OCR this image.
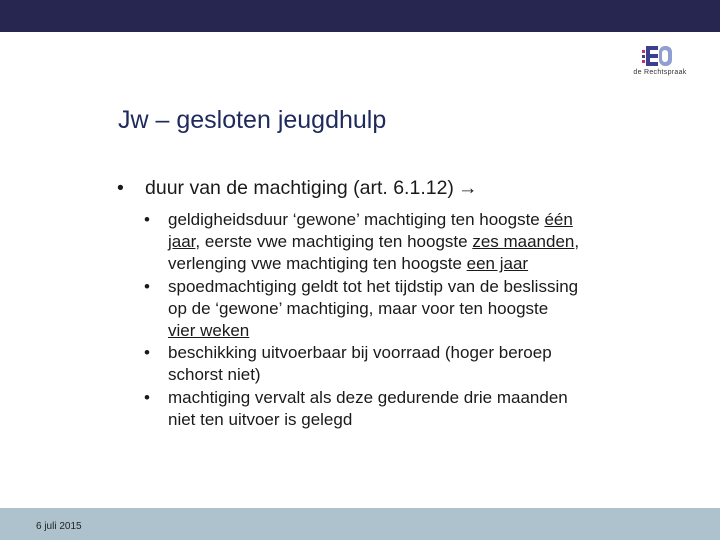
de Rechtspraak
Jw – gesloten jeugdhulp
• duur van de machtiging (art. 6.1.12) →
• geldigheidsduur ‘gewone’ machtiging ten hoogste één jaar, eerste vwe machtiging ten hoogste zes maanden, verlenging vwe machtiging ten hoogste een jaar
• spoedmachtiging geldt tot het tijdstip van de beslissing op de ‘gewone’ machtiging, maar voor ten hoogste vier weken
• beschikking uitvoerbaar bij voorraad (hoger beroep schorst niet)
• machtiging vervalt als deze gedurende drie maanden niet ten uitvoer is gelegd
6 juli 2015
